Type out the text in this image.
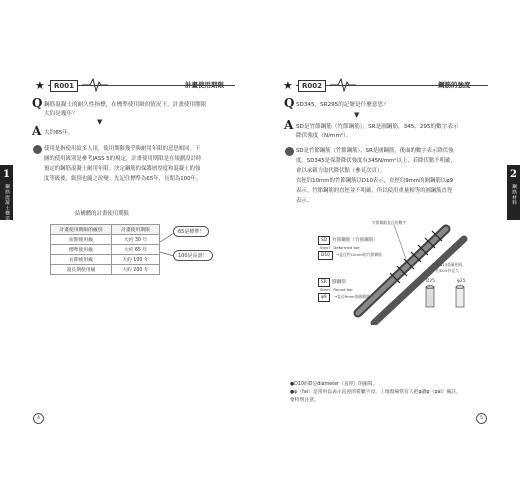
★	R001	計畫使用期限
Q 鋼筋混凝土的耐久性指標，在標準使用級的情況下，計畫使用期限
大約是幾年？
▼
A 大約65年。
使用是指使用給多人用，使用期限幾乎與耐用年限的意思相同。下
圖的使用級別是參考JASS 5的規定，計畫使用期限是在規劃設計時
預定的鋼筋混凝土耐用年限。決定鋼筋的保護層厚度和混凝土的強
度等級後，級別也隨之改變。先記住標準為65年，長期為100年。
結構體的計畫使用期限
計畫使用期限的級別	計畫使用期限
短期使用級	大約 30 年
標準使用級	大約 65 年
長期使用級	大約 100 年
超長期使用級	大約 200 年
65是標準！
100是長壽！
1
鋼筋混凝土構造
4
★	R002	鋼筋的強度
Q SD345、SR295的記號是什麼意思？
▼
A SD是竹節鋼筋（竹節鋼筋），SR是圓鋼筋，345、295的數字表示
降伏強度（N/mm²）。
SD是竹節鋼筋（竹節鋼筋），SR是圓鋼筋，後面的數字表示降伏強
度。SD345是保證降伏強度有345N/mm²以上，若降伏點不明確，
會以承載力取代降伏點（參見次頁）。
直徑約10mm的竹節鋼筋以D10表示，直徑約9mm的圓鋼筋以φ9
表示。竹節鋼筋的直徑並不明確，所以使用重量相等的圓鋼筋直徑
表示。
竹節鋼筋直徑的數字
SD	竹節鋼筋（竹節鋼筋）
Steel：Deformed bar
D10	→直徑約10mm的竹節鋼筋
SR	圓鋼筋
Steel：Round bar
φ9	→直徑9mm的圓鋼筋
與φ15重量相同，
但D15外徑大
D25	φ25
●D10的D是diameter（直徑）的縮寫。
●φ（fai）是常用以表示直徑的希臘字母，工地現場常有人把φ讀φ（pai）備註，
要特別注意。
2
鋼筋材料
5
